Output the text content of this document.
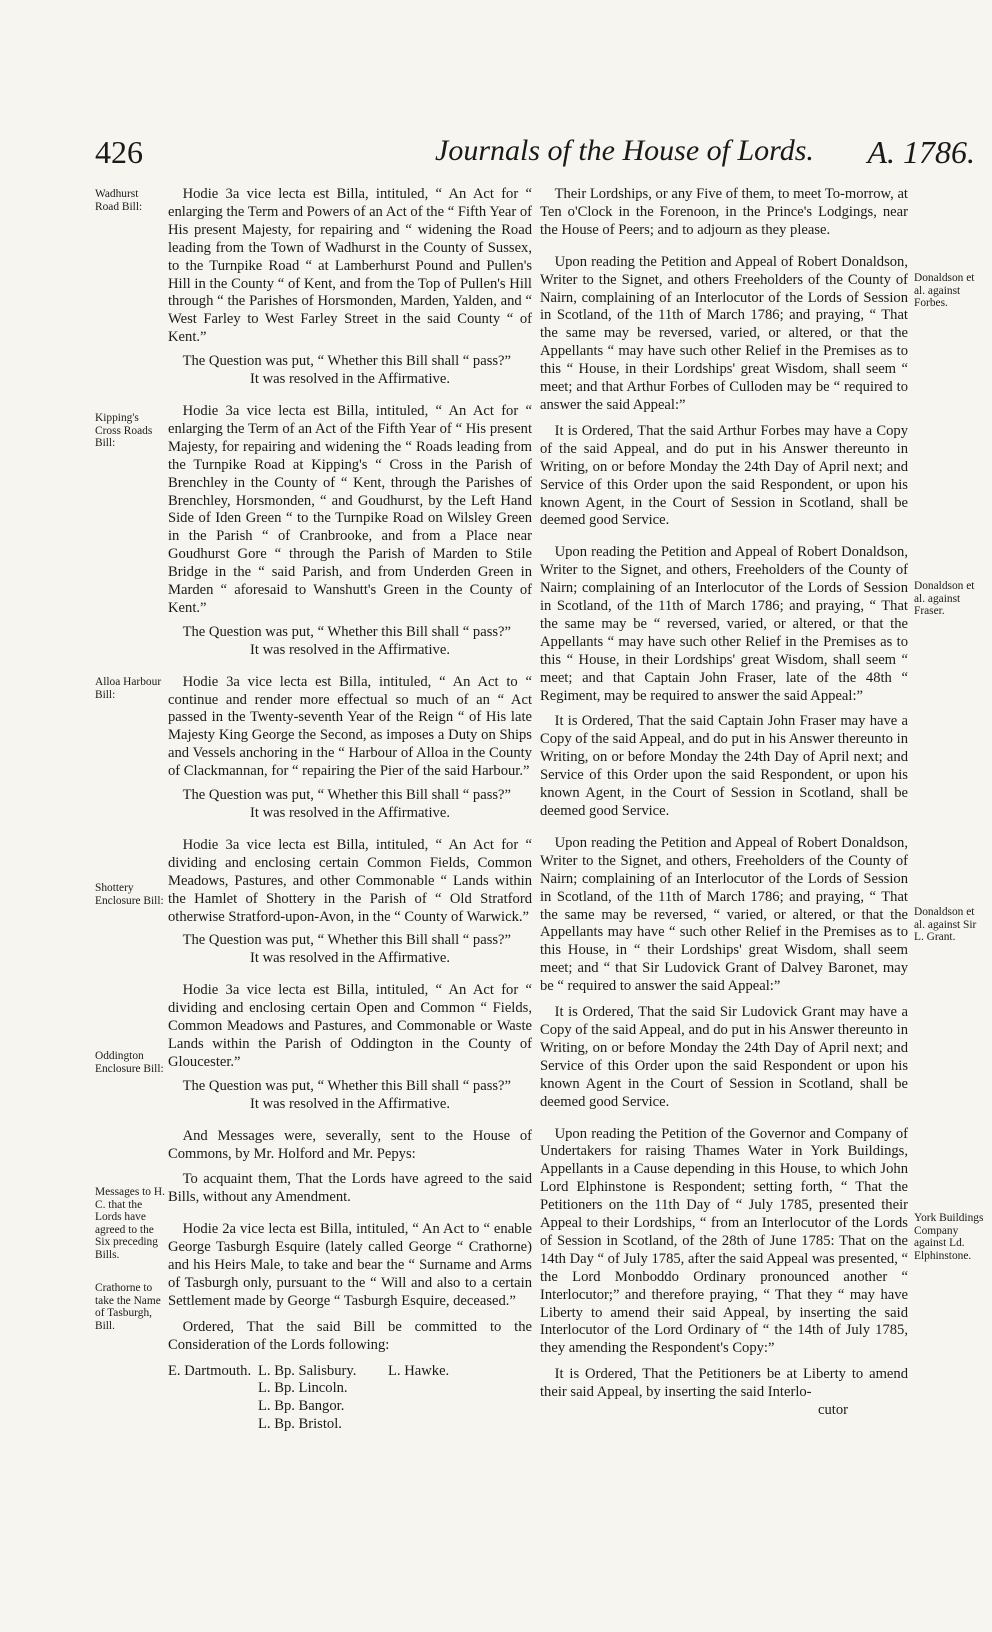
426	Journals of the House of Lords. A. 1786.
Wadhurst Road Bill:
Kipping's Cross Roads Bill:
Alloa Harbour Bill:
Shottery Enclosure Bill:
Oddington Enclosure Bill:
Messages to H. C. that the Lords have agreed to the Six preceding Bills.
Crathorne to take the Name of Tasburgh, Bill.
Donaldson et al. against Forbes.
Donaldson et al. against Fraser.
Donaldson et al. against Sir L. Grant.
York Buildings Company against Ld. Elphinstone.

Hodie 3a vice lecta est Billa, intituled, “ An Act for “ enlarging the Term and Powers of an Act of the “ Fifth Year of His present Majesty, for repairing and “ widening the Road leading from the Town of Wadhurst in the County of Sussex, to the Turnpike Road “ at Lamberhurst Pound and Pullen's Hill in the County “ of Kent, and from the Top of Pullen's Hill through “ the Parishes of Horsmonden, Marden, Yalden, and “ West Farley to West Farley Street in the said County “ of Kent.”

The Question was put, “ Whether this Bill shall “ pass?”

It was resolved in the Affirmative.

Hodie 3a vice lecta est Billa, intituled, “ An Act for “ enlarging the Term of an Act of the Fifth Year of “ His present Majesty, for repairing and widening the “ Roads leading from the Turnpike Road at Kipping's “ Cross in the Parish of Brenchley in the County of “ Kent, through the Parishes of Brenchley, Horsmonden, “ and Goudhurst, by the Left Hand Side of Iden Green “ to the Turnpike Road on Wilsley Green in the Parish “ of Cranbrooke, and from a Place near Goudhurst Gore “ through the Parish of Marden to Stile Bridge in the “ said Parish, and from Underden Green in Marden “ aforesaid to Wanshutt's Green in the County of Kent.”

The Question was put, “ Whether this Bill shall “ pass?”

It was resolved in the Affirmative.

Hodie 3a vice lecta est Billa, intituled, “ An Act to “ continue and render more effectual so much of an “ Act passed in the Twenty-seventh Year of the Reign “ of His late Majesty King George the Second, as imposes a Duty on Ships and Vessels anchoring in the “ Harbour of Alloa in the County of Clackmannan, for “ repairing the Pier of the said Harbour.”

The Question was put, “ Whether this Bill shall “ pass?”

It was resolved in the Affirmative.

Hodie 3a vice lecta est Billa, intituled, “ An Act for “ dividing and enclosing certain Common Fields, Common Meadows, Pastures, and other Commonable “ Lands within the Hamlet of Shottery in the Parish of “ Old Stratford otherwise Stratford-upon-Avon, in the “ County of Warwick.”

The Question was put, “ Whether this Bill shall “ pass?”

It was resolved in the Affirmative.

Hodie 3a vice lecta est Billa, intituled, “ An Act for “ dividing and enclosing certain Open and Common “ Fields, Common Meadows and Pastures, and Commonable or Waste Lands within the Parish of Oddington in the County of Gloucester.”

The Question was put, “ Whether this Bill shall “ pass?”

It was resolved in the Affirmative.

And Messages were, severally, sent to the House of Commons, by Mr. Holford and Mr. Pepys:

To acquaint them, That the Lords have agreed to the said Bills, without any Amendment.

Hodie 2a vice lecta est Billa, intituled, “ An Act to “ enable George Tasburgh Esquire (lately called George “ Crathorne) and his Heirs Male, to take and bear the “ Surname and Arms of Tasburgh only, pursuant to the “ Will and also to a certain Settlement made by George “ Tasburgh Esquire, deceased.”

Ordered, That the said Bill be committed to the Consideration of the Lords following:

E. Dartmouth. L. Bp. Salisbury.
L. Bp. Lincoln.
L. Bp. Bangor.
L. Bp. Bristol.
L. Hawke.

Their Lordships, or any Five of them, to meet To-morrow, at Ten o'Clock in the Forenoon, in the Prince's Lodgings, near the House of Peers; and to adjourn as they please.

Upon reading the Petition and Appeal of Robert Donaldson, Writer to the Signet, and others Freeholders of the County of Nairn, complaining of an Interlocutor of the Lords of Session in Scotland, of the 11th of March 1786; and praying, “ That the same may be reversed, varied, or altered, or that the Appellants “ may have such other Relief in the Premises as to this “ House, in their Lordships' great Wisdom, shall seem “ meet; and that Arthur Forbes of Culloden may be “ required to answer the said Appeal:”

It is Ordered, That the said Arthur Forbes may have a Copy of the said Appeal, and do put in his Answer thereunto in Writing, on or before Monday the 24th Day of April next; and Service of this Order upon the said Respondent, or upon his known Agent, in the Court of Session in Scotland, shall be deemed good Service.

Upon reading the Petition and Appeal of Robert Donaldson, Writer to the Signet, and others, Freeholders of the County of Nairn; complaining of an Interlocutor of the Lords of Session in Scotland, of the 11th of March 1786; and praying, “ That the same may be “ reversed, varied, or altered, or that the Appellants “ may have such other Relief in the Premises as to this “ House, in their Lordships' great Wisdom, shall seem “ meet; and that Captain John Fraser, late of the 48th “ Regiment, may be required to answer the said Appeal:”

It is Ordered, That the said Captain John Fraser may have a Copy of the said Appeal, and do put in his Answer thereunto in Writing, on or before Monday the 24th Day of April next; and Service of this Order upon the said Respondent, or upon his known Agent, in the Court of Session in Scotland, shall be deemed good Service.

Upon reading the Petition and Appeal of Robert Donaldson, Writer to the Signet, and others, Freeholders of the County of Nairn; complaining of an Interlocutor of the Lords of Session in Scotland, of the 11th of March 1786; and praying, “ That the same may be reversed, “ varied, or altered, or that the Appellants may have “ such other Relief in the Premises as to this House, in “ their Lordships' great Wisdom, shall seem meet; and “ that Sir Ludovick Grant of Dalvey Baronet, may be “ required to answer the said Appeal:”

It is Ordered, That the said Sir Ludovick Grant may have a Copy of the said Appeal, and do put in his Answer thereunto in Writing, on or before Monday the 24th Day of April next; and Service of this Order upon the said Respondent or upon his known Agent in the Court of Session in Scotland, shall be deemed good Service.

Upon reading the Petition of the Governor and Company of Undertakers for raising Thames Water in York Buildings, Appellants in a Cause depending in this House, to which John Lord Elphinstone is Respondent; setting forth, “ That the Petitioners on the 11th Day of “ July 1785, presented their Appeal to their Lordships, “ from an Interlocutor of the Lords of Session in Scotland, of the 28th of June 1785: That on the 14th Day “ of July 1785, after the said Appeal was presented, “ the Lord Monboddo Ordinary pronounced another “ Interlocutor;” and therefore praying, “ That they “ may have Liberty to amend their said Appeal, by inserting the said Interlocutor of the Lord Ordinary of “ the 14th of July 1785, they amending the Respondent's Copy:”

It is Ordered, That the Petitioners be at Liberty to amend their said Appeal, by inserting the said Interlo-

cutor
